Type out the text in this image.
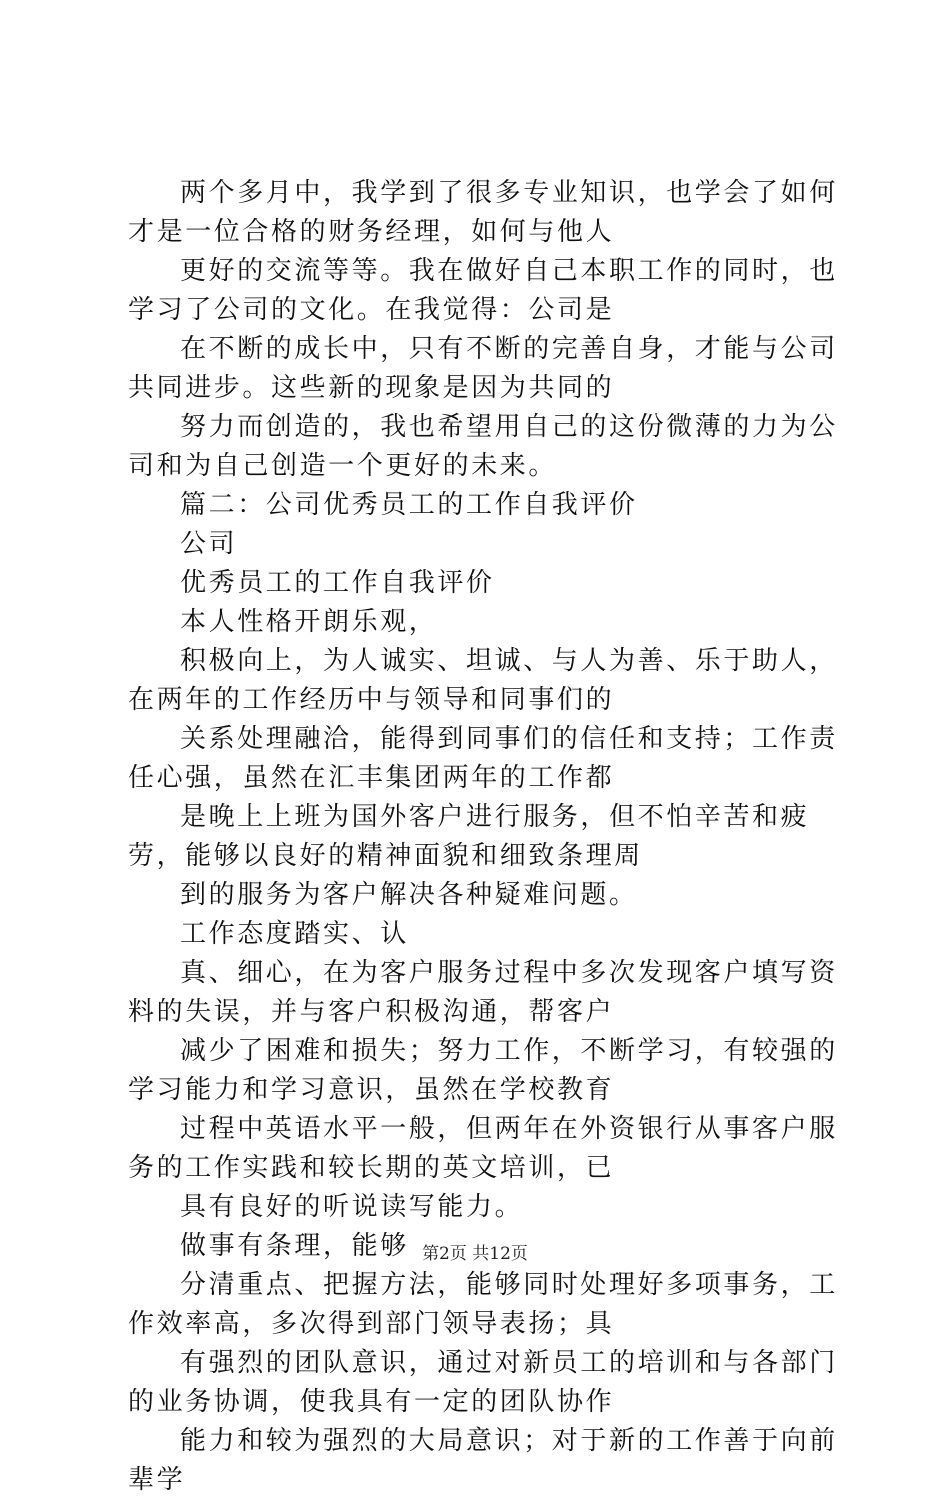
两个多月中，我学到了很多专业知识，也学会了如何才是一位合格的财务经理，如何与他人

更好的交流等等。我在做好自己本职工作的同时，也学习了公司的文化。在我觉得：公司是

在不断的成长中，只有不断的完善自身，才能与公司共同进步。这些新的现象是因为共同的

努力而创造的，我也希望用自己的这份微薄的力为公司和为自己创造一个更好的未来。

篇二：公司优秀员工的工作自我评价

公司

优秀员工的工作自我评价

本人性格开朗乐观，

积极向上，为人诚实、坦诚、与人为善、乐于助人，在两年的工作经历中与领导和同事们的

关系处理融洽，能得到同事们的信任和支持；工作责任心强，虽然在汇丰集团两年的工作都

是晚上上班为国外客户进行服务，但不怕辛苦和疲劳，能够以良好的精神面貌和细致条理周

到的服务为客户解决各种疑难问题。

工作态度踏实、认

真、细心，在为客户服务过程中多次发现客户填写资料的失误，并与客户积极沟通，帮客户

减少了困难和损失；努力工作，不断学习，有较强的学习能力和学习意识，虽然在学校教育

过程中英语水平一般，但两年在外资银行从事客户服务的工作实践和较长期的英文培训，已

具有良好的听说读写能力。

做事有条理，能够

分清重点、把握方法，能够同时处理好多项事务，工作效率高，多次得到部门领导表扬；具

有强烈的团队意识，通过对新员工的培训和与各部门的业务协调，使我具有一定的团队协作

能力和较为强烈的大局意识；对于新的工作善于向前辈学

第2页 共12页
